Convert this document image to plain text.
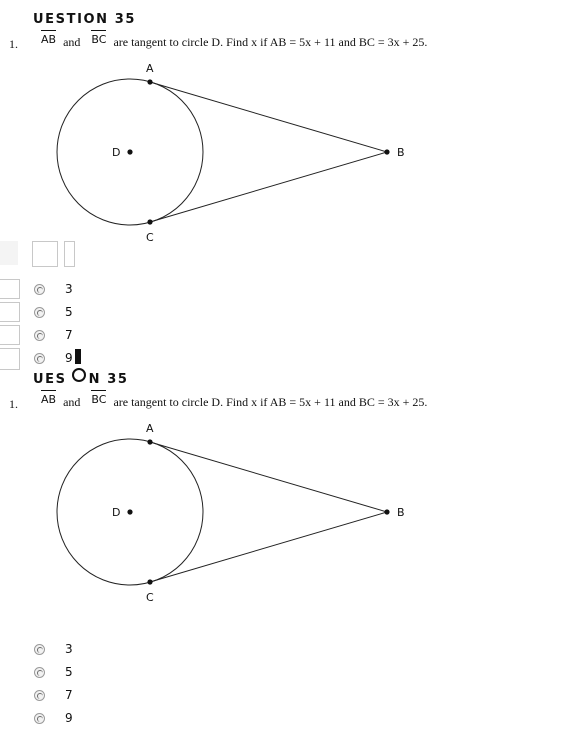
UESTION 35
1. AB and BC are tangent to circle D. Find x if AB = 5x + 11 and BC = 3x + 25.
A
B
C
D
3
5
7
9
UES N 35
1. AB and BC are tangent to circle D. Find x if AB = 5x + 11 and BC = 3x + 25.
A
B
C
D
3
5
7
9
